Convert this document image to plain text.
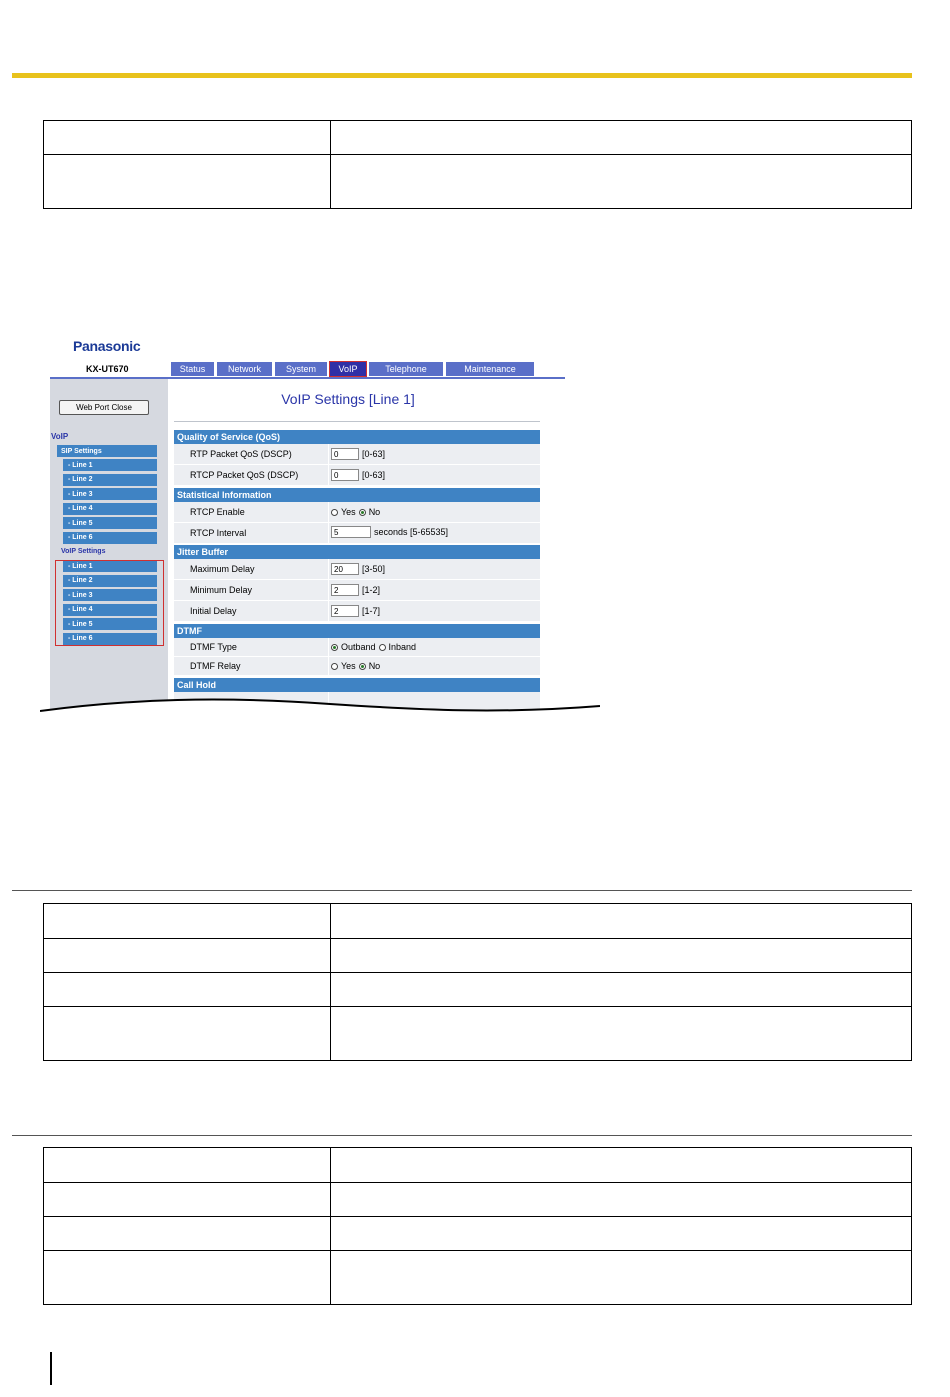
Panasonic
KX-UT670	Status	Network	System	VoIP	Telephone	Maintenance
Web Port Close
VoIP
SIP Settings
- Line 1
- Line 2
- Line 3
- Line 4
- Line 5
- Line 6
VoIP Settings
- Line 1
- Line 2
- Line 3
- Line 4
- Line 5
- Line 6
VoIP Settings [Line 1]
Quality of Service (QoS)
RTP Packet QoS (DSCP)	0	[0-63]
RTCP Packet QoS (DSCP)	0	[0-63]
Statistical Information
RTCP Enable	Yes No
RTCP Interval	5	seconds [5-65535]
Jitter Buffer
Maximum Delay	20	[3-50]
Minimum Delay	2	[1-2]
Initial Delay	2	[1-7]
DTMF
DTMF Type	Outband Inband
DTMF Relay	Yes No
Call Hold
